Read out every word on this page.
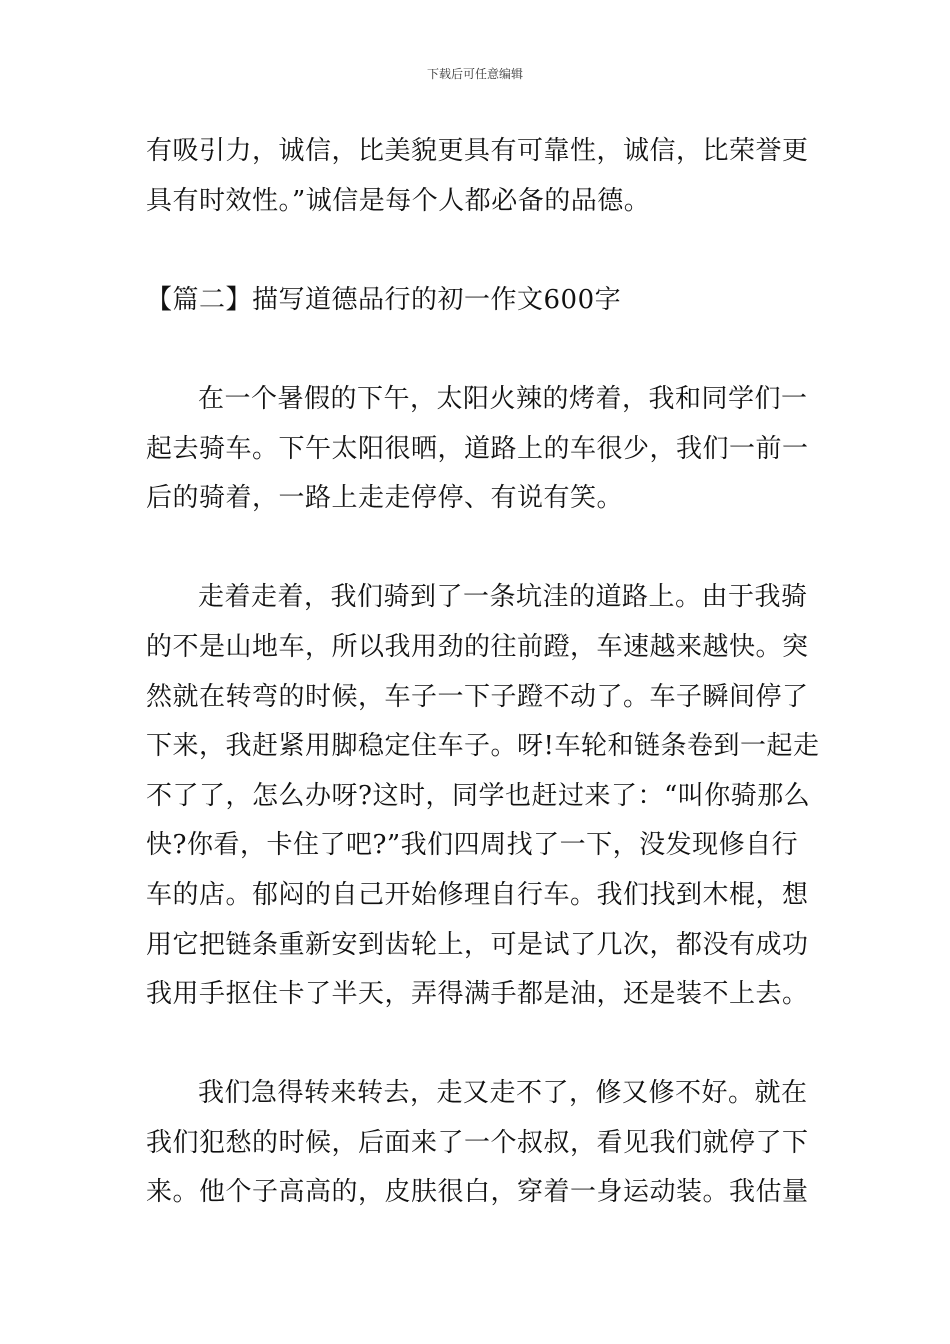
下载后可任意编辑
有吸引力，诚信，比美貌更具有可靠性，诚信，比荣誉更
具有时效性。”诚信是每个人都必备的品德。
【篇二】描写道德品行的初一作文600字
在一个暑假的下午，太阳火辣的烤着，我和同学们一
起去骑车。下午太阳很晒，道路上的车很少，我们一前一
后的骑着，一路上走走停停、有说有笑。
走着走着，我们骑到了一条坑洼的道路上。由于我骑
的不是山地车，所以我用劲的往前蹬，车速越来越快。突
然就在转弯的时候，车子一下子蹬不动了。车子瞬间停了
下来，我赶紧用脚稳定住车子。呀!车轮和链条卷到一起走
不了了，怎么办呀?这时，同学也赶过来了：“叫你骑那么
快?你看，卡住了吧?”我们四周找了一下，没发现修自行
车的店。郁闷的自己开始修理自行车。我们找到木棍，想
用它把链条重新安到齿轮上，可是试了几次，都没有成功
我用手抠住卡了半天，弄得满手都是油，还是装不上去。
我们急得转来转去，走又走不了，修又修不好。就在
我们犯愁的时候，后面来了一个叔叔，看见我们就停了下
来。他个子高高的，皮肤很白，穿着一身运动装。我估量
